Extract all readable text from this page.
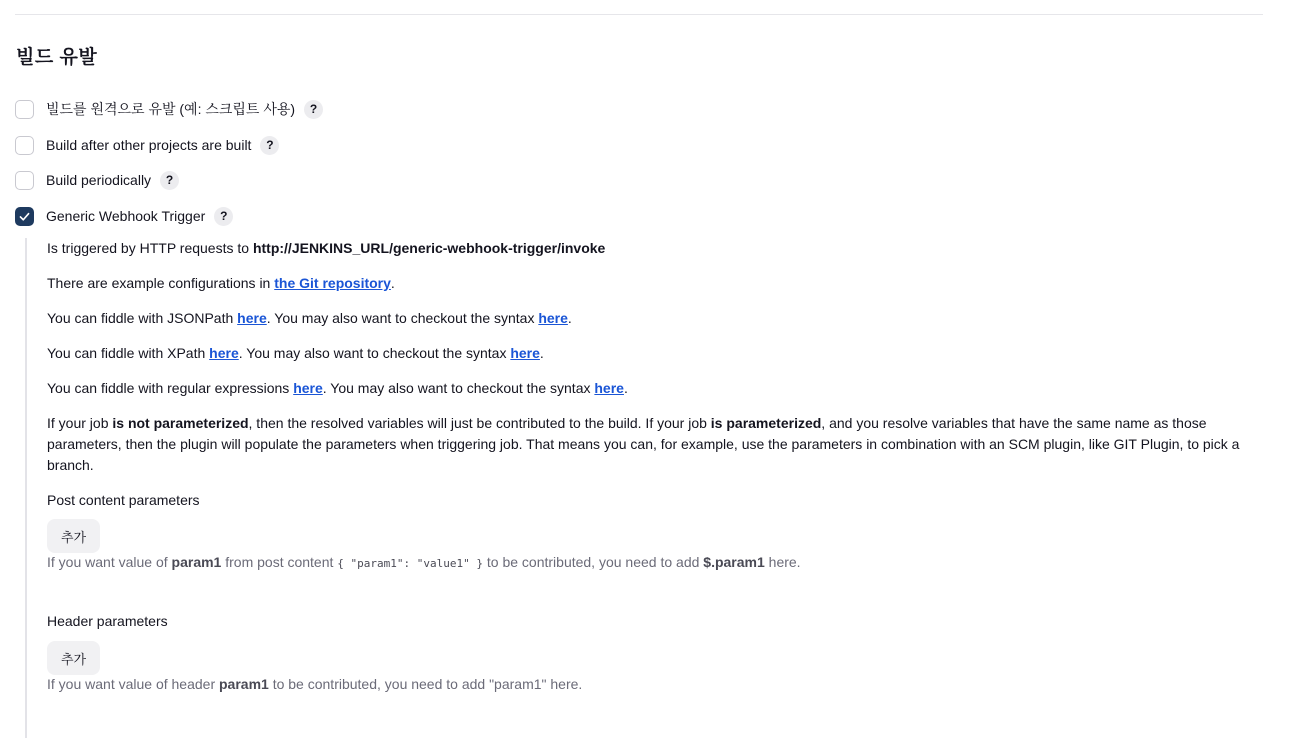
빌드 유발
빌드를 원격으로 유발 (예: 스크립트 사용)	?
Build after other projects are built	?
Build periodically	?
Generic Webhook Trigger	?

Is triggered by HTTP requests to http://JENKINS_URL/generic-webhook-trigger/invoke

There are example configurations in the Git repository.

You can fiddle with JSONPath here. You may also want to checkout the syntax here.

You can fiddle with XPath here. You may also want to checkout the syntax here.

You can fiddle with regular expressions here. You may also want to checkout the syntax here.

If your job is not parameterized, then the resolved variables will just be contributed to the build. If your job is parameterized, and you resolve variables that have the same name as those parameters, then the plugin will populate the parameters when triggering job. That means you can, for example, use the parameters in combination with an SCM plugin, like GIT Plugin, to pick a branch.

Post content parameters

추가
If you want value of param1 from post content { "param1": "value1" } to be contributed, you need to add $.param1 here.

Header parameters

추가
If you want value of header param1 to be contributed, you need to add "param1" here.
